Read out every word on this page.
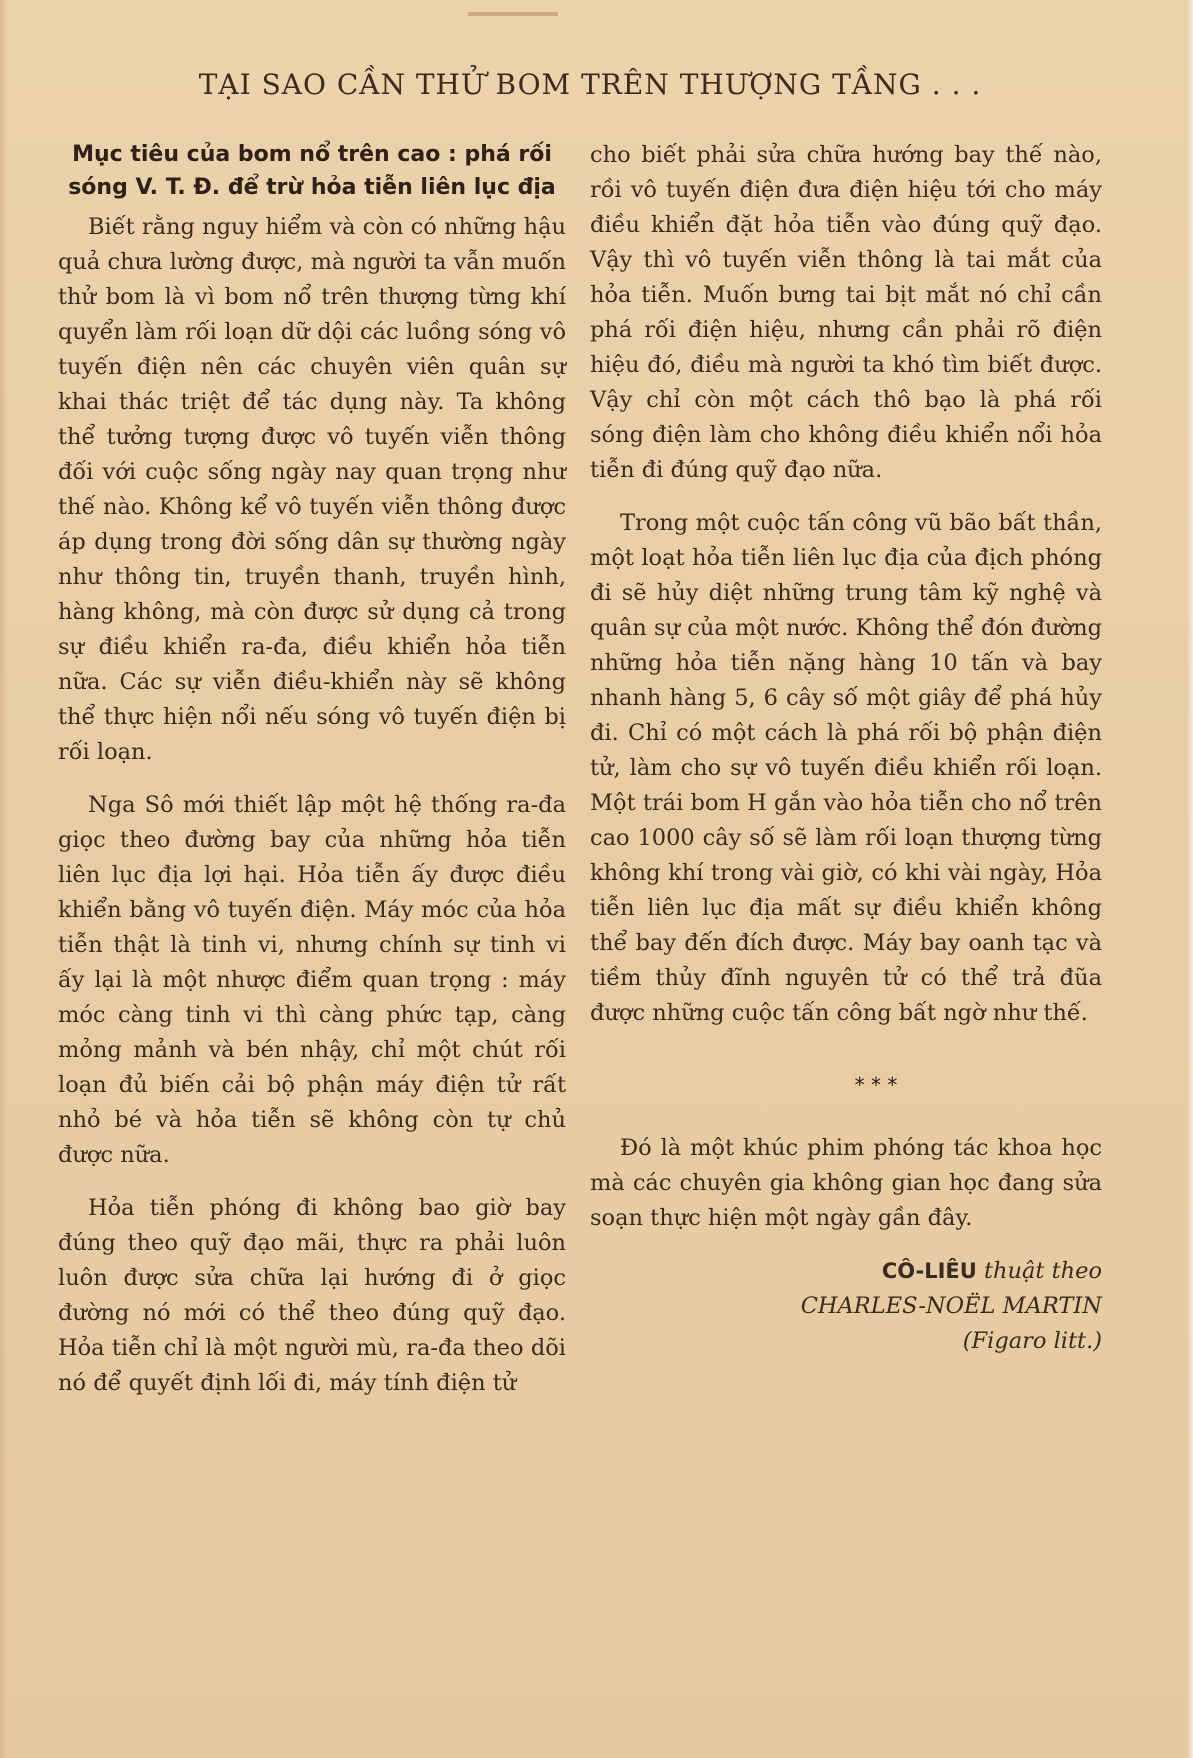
TẠI SAO CẦN THỬ BOM TRÊN THƯỢNG TẦNG . . .
Mục tiêu của bom nổ trên cao : phá rối sóng V. T. Đ. để trừ hỏa tiễn liên lục địa

Biết rằng nguy hiểm và còn có những hậu quả chưa lường được, mà người ta vẫn muốn thử bom là vì bom nổ trên thượng từng khí quyển làm rối loạn dữ dội các luồng sóng vô tuyến điện nên các chuyên viên quân sự khai thác triệt để tác dụng này. Ta không thể tưởng tượng được vô tuyến viễn thông đối với cuộc sống ngày nay quan trọng như thế nào. Không kể vô tuyến viễn thông được áp dụng trong đời sống dân sự thường ngày như thông tin, truyền thanh, truyền hình, hàng không, mà còn được sử dụng cả trong sự điều khiển ra-đa, điều khiển hỏa tiễn nữa. Các sự viễn điều-khiển này sẽ không thể thực hiện nổi nếu sóng vô tuyến điện bị rối loạn.

Nga Sô mới thiết lập một hệ thống ra-đa giọc theo đường bay của những hỏa tiễn liên lục địa lợi hại. Hỏa tiễn ấy được điều khiển bằng vô tuyến điện. Máy móc của hỏa tiễn thật là tinh vi, nhưng chính sự tinh vi ấy lại là một nhược điểm quan trọng : máy móc càng tinh vi thì càng phức tạp, càng mỏng mảnh và bén nhậy, chỉ một chút rối loạn đủ biến cải bộ phận máy điện tử rất nhỏ bé và hỏa tiễn sẽ không còn tự chủ được nữa.

Hỏa tiễn phóng đi không bao giờ bay đúng theo quỹ đạo mãi, thực ra phải luôn luôn được sửa chữa lại hướng đi ở giọc đường nó mới có thể theo đúng quỹ đạo. Hỏa tiễn chỉ là một người mù, ra-đa theo dõi nó để quyết định lối đi, máy tính điện tử

cho biết phải sửa chữa hướng bay thế nào, rồi vô tuyến điện đưa điện hiệu tới cho máy điều khiển đặt hỏa tiễn vào đúng quỹ đạo. Vậy thì vô tuyến viễn thông là tai mắt của hỏa tiễn. Muốn bưng tai bịt mắt nó chỉ cần phá rối điện hiệu, nhưng cần phải rõ điện hiệu đó, điều mà người ta khó tìm biết được. Vậy chỉ còn một cách thô bạo là phá rối sóng điện làm cho không điều khiển nổi hỏa tiễn đi đúng quỹ đạo nữa.

Trong một cuộc tấn công vũ bão bất thần, một loạt hỏa tiễn liên lục địa của địch phóng đi sẽ hủy diệt những trung tâm kỹ nghệ và quân sự của một nước. Không thể đón đường những hỏa tiễn nặng hàng 10 tấn và bay nhanh hàng 5, 6 cây số một giây để phá hủy đi. Chỉ có một cách là phá rối bộ phận điện tử, làm cho sự vô tuyến điều khiển rối loạn. Một trái bom H gắn vào hỏa tiễn cho nổ trên cao 1000 cây số sẽ làm rối loạn thượng từng không khí trong vài giờ, có khi vài ngày, Hỏa tiễn liên lục địa mất sự điều khiển không thể bay đến đích được. Máy bay oanh tạc và tiềm thủy đĩnh nguyên tử có thể trả đũa được những cuộc tấn công bất ngờ như thế.

* * *

Đó là một khúc phim phóng tác khoa học mà các chuyên gia không gian học đang sửa soạn thực hiện một ngày gần đây.

CÔ-LIÊU thuật theo
CHARLES-NOËL MARTIN
(Figaro litt.)
